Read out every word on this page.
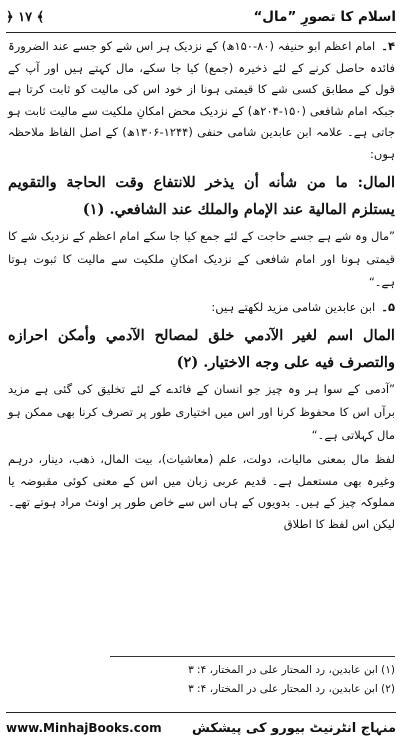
﴿ ۱۷ ﴾	اسلام کا تصورِ ”مال“

۴۔امام اعظم ابو حنیفہ (۸۰-۱۵۰ھ) کے نزدیک ہر اس شے کو جسے عند الضرورۃ فائدہ حاصل کرنے کے لئے ذخیرہ (جمع) کیا جا سکے، مال کہتے ہیں اور آپ کے قول کے مطابق کسی شے کا قیمتی ہونا از خود اس کی مالیت کو ثابت کرتا ہے جبکہ امام شافعی (۱۵۰-۲۰۴ھ) کے نزدیک محض امکانِ ملکیت سے مالیت ثابت ہو جاتی ہے۔ علامہ ابن عابدین شامی حنفی (۱۲۴۴-۱۳۰۶ھ) کے اصل الفاظ ملاحظہ ہوں:

المال: ما من شأنه أن يذخر للانتفاع وقت الحاجة والتقويم يستلزم المالية عند الإمام والملك عند الشافعي. (۱)

”مال وہ شے ہے جسے حاجت کے لئے جمع کیا جا سکے امام اعظم کے نزدیک شے کا قیمتی ہونا اور امام شافعی کے نزدیک امکانِ ملکیت سے مالیت کا ثبوت ہوتا ہے۔“

۵۔ابن عابدین شامی مزید لکھتے ہیں:

المال اسم لغير الآدمي خلق لمصالح الآدمي وأمكن احرازه والتصرف فيه على وجه الاختيار. (۲)

”آدمی کے سوا ہر وہ چیز جو انسان کے فائدے کے لئے تخلیق کی گئی ہے مزید برآں اس کا محفوظ کرنا اور اس میں اختیاری طور پر تصرف کرنا بھی ممکن ہو مال کہلاتی ہے۔“

لفظ مال بمعنی مالیات، دولت، علم (معاشیات)، بیت المال، ذهب، دینار، درہم وغیرہ بھی مستعمل ہے۔ قدیم عربی زبان میں اس کے معنی کوئی مقبوضہ یا مملوکہ چیز کے ہیں۔ بدویوں کے ہاں اس سے خاص طور پر اونٹ مراد ہوتے تھے۔ لیکن اس لفظ کا اطلاق

(۱) ابن عابدین، رد المحتار علی در المختار، ۴: ۳

(۲) ابن عابدین، رد المحتار علی در المختار، ۴: ۳

www.MinhajBooks.com منہاج انٹرنیٹ بیورو کی پیشکش
